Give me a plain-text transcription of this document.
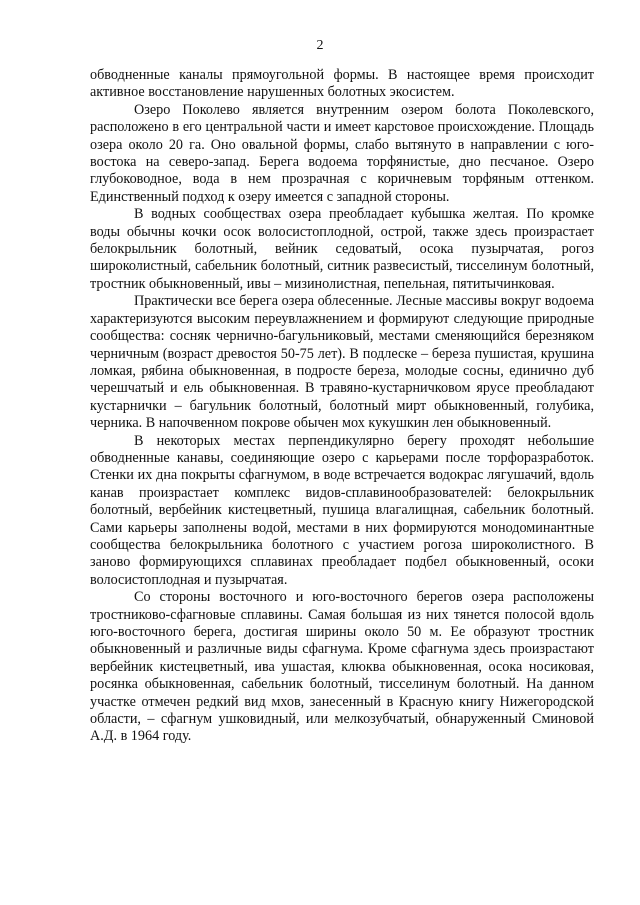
2

обводненные каналы прямоугольной формы. В настоящее время происходит активное восстановление нарушенных болотных экосистем.

Озеро Поколево является внутренним озером болота Поколевского, расположено в его центральной части и имеет карстовое происхождение. Площадь озера около 20 га. Оно овальной формы, слабо вытянуто в направлении с юго-востока на северо-запад. Берега водоема торфянистые, дно песчаное. Озеро глубоководное, вода в нем прозрачная с коричневым торфяным оттенком. Единственный подход к озеру имеется с западной стороны.

В водных сообществах озера преобладает кубышка желтая. По кромке воды обычны кочки осок волосистоплодной, острой, также здесь произрастает белокрыльник болотный, вейник седоватый, осока пузырчатая, рогоз широколистный, сабельник болотный, ситник развесистый, тисселинум болотный, тростник обыкновенный, ивы – мизинолистная, пепельная, пятитычинковая.

Практически все берега озера облесенные. Лесные массивы вокруг водоема характеризуются высоким переувлажнением и формируют следующие природные сообщества: сосняк чернично-багульниковый, местами сменяющийся березняком черничным (возраст древостоя 50-75 лет). В подлеске – береза пушистая, крушина ломкая, рябина обыкновенная, в подросте береза, молодые сосны, единично дуб черешчатый и ель обыкновенная. В травяно-кустарничковом ярусе преобладают кустарнички – багульник болотный, болотный мирт обыкновенный, голубика, черника. В напочвенном покрове обычен мох кукушкин лен обыкновенный.

В некоторых местах перпендикулярно берегу проходят небольшие обводненные канавы, соединяющие озеро с карьерами после торфоразработок. Стенки их дна покрыты сфагнумом, в воде встречается водокрас лягушачий, вдоль канав произрастает комплекс видов-сплавинообразователей: белокрыльник болотный, вербейник кистецветный, пушица влагалищная, сабельник болотный. Сами карьеры заполнены водой, местами в них формируются монодоминантные сообщества белокрыльника болотного с участием рогоза широколистного. В заново формирующихся сплавинах преобладает подбел обыкновенный, осоки волосистоплодная и пузырчатая.

Со стороны восточного и юго-восточного берегов озера расположены тростниково-сфагновые сплавины. Самая большая из них тянется полосой вдоль юго-восточного берега, достигая ширины около 50 м. Ее образуют тростник обыкновенный и различные виды сфагнума. Кроме сфагнума здесь произрастают вербейник кистецветный, ива ушастая, клюква обыкновенная, осока носиковая, росянка обыкновенная, сабельник болотный, тисселинум болотный. На данном участке отмечен редкий вид мхов, занесенный в Красную книгу Нижегородской области, – сфагнум ушковидный, или мелкозубчатый, обнаруженный Сминовой А.Д. в 1964 году.
